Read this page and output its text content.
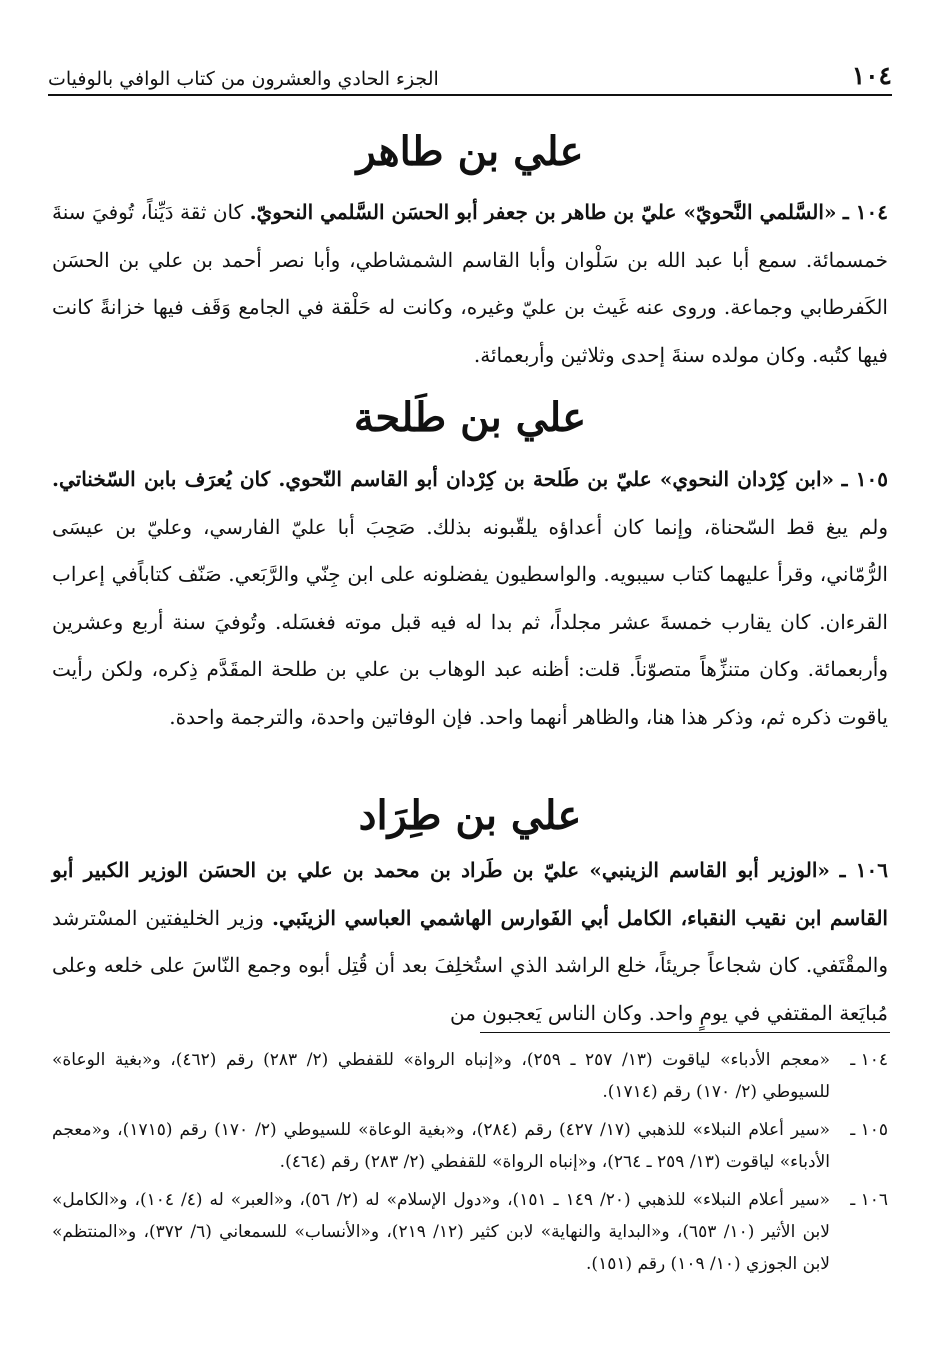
١٠٤
الجزء الحادي والعشرون من كتاب الوافي بالوفيات
علي بن طاهر
١٠٤ ـ «السَّلمي النَّحويّ» عليّ بن طاهر بن جعفر أبو الحسَن السَّلمي النحويّ. كان ثقة دَيِّناً، تُوفيَ سنةَ خمسمائة. سمع أبا عبد الله بن سَلْوان وأبا القاسم الشمشاطي، وأبا نصر أحمد بن علي بن الحسَن الكَفرطابي وجماعة. وروى عنه غَيث بن عليّ وغيره، وكانت له حَلْقة في الجامع وَقَف فيها خزانةً كانت فيها كتُبه. وكان مولده سنةَ إحدى وثلاثين وأربعمائة.
علي بن طَلحة
١٠٥ ـ «ابن كِرْدان النحوي» عليّ بن طَلحة بن كِرْدان أبو القاسم النّحوي. كان يُعرَف بابن السّخناتي. ولم يبغ قط السّحناة، وإنما كان أعداؤه يلقّبونه بذلك. صَحِبَ أبا عليّ الفارسي، وعليّ بن عيسَى الرُّمّاني، وقرأ عليهما كتاب سيبويه. والواسطيون يفضلونه على ابن جِنّي والرَّبَعي. صَنّف كتاباًفي إعراب القرءان. كان يقارب خمسةَ عشر مجلداً، ثم بدا له فيه قبل موته فغسَله. وتُوفيَ سنة أربع وعشرين وأربعمائة. وكان متنزِّهاً متصوّناً. قلت: أظنه عبد الوهاب بن علي بن طلحة المقَدَّم ذِكره، ولكن رأيت ياقوت ذكره ثم، وذكر هذا هنا، والظاهر أنهما واحد. فإن الوفاتين واحدة، والترجمة واحدة.
علي بن طِرَاد
١٠٦ ـ «الوزير أبو القاسم الزينبي» عليّ بن طَراد بن محمد بن علي بن الحسَن الوزير الكبير أبو القاسم ابن نقيب النقباء، الكامل أبي الفَوارس الهاشمي العباسي الزينَبي. وزير الخليفتين المسْترشد والمقْتَفي. كان شجاعاً جريئاً، خلع الراشد الذي استُخلِفَ بعد أن قُتِل أبوه وجمع النّاسَ على خلعه وعلى مُبايَعة المقتفي في يومٍ واحد. وكان الناس يَعجبون من
١٠٤ ـ
«معجم الأدباء» لياقوت (١٣/ ٢٥٧ ـ ٢٥٩)، و«إنباه الرواة» للقفطي (٢/ ٢٨٣) رقم (٤٦٢)، و«بغية الوعاة» للسيوطي (٢/ ١٧٠) رقم (١٧١٤).
١٠٥ ـ
«سير أعلام النبلاء» للذهبي (١٧/ ٤٢٧) رقم (٢٨٤)، و«بغية الوعاة» للسيوطي (٢/ ١٧٠) رقم (١٧١٥)، و«معجم الأدباء» لياقوت (١٣/ ٢٥٩ ـ ٢٦٤)، و«إنباه الرواة» للقفطي (٢/ ٢٨٣) رقم (٤٦٤).
١٠٦ ـ
«سير أعلام النبلاء» للذهبي (٢٠/ ١٤٩ ـ ١٥١)، و«دول الإسلام» له (٢/ ٥٦)، و«العبر» له (٤/ ١٠٤)، و«الكامل» لابن الأثير (١٠/ ٦٥٣)، و«البداية والنهاية» لابن كثير (١٢/ ٢١٩)، و«الأنساب» للسمعاني (٦/ ٣٧٢)، و«المنتظم» لابن الجوزي (١٠/ ١٠٩) رقم (١٥١).
